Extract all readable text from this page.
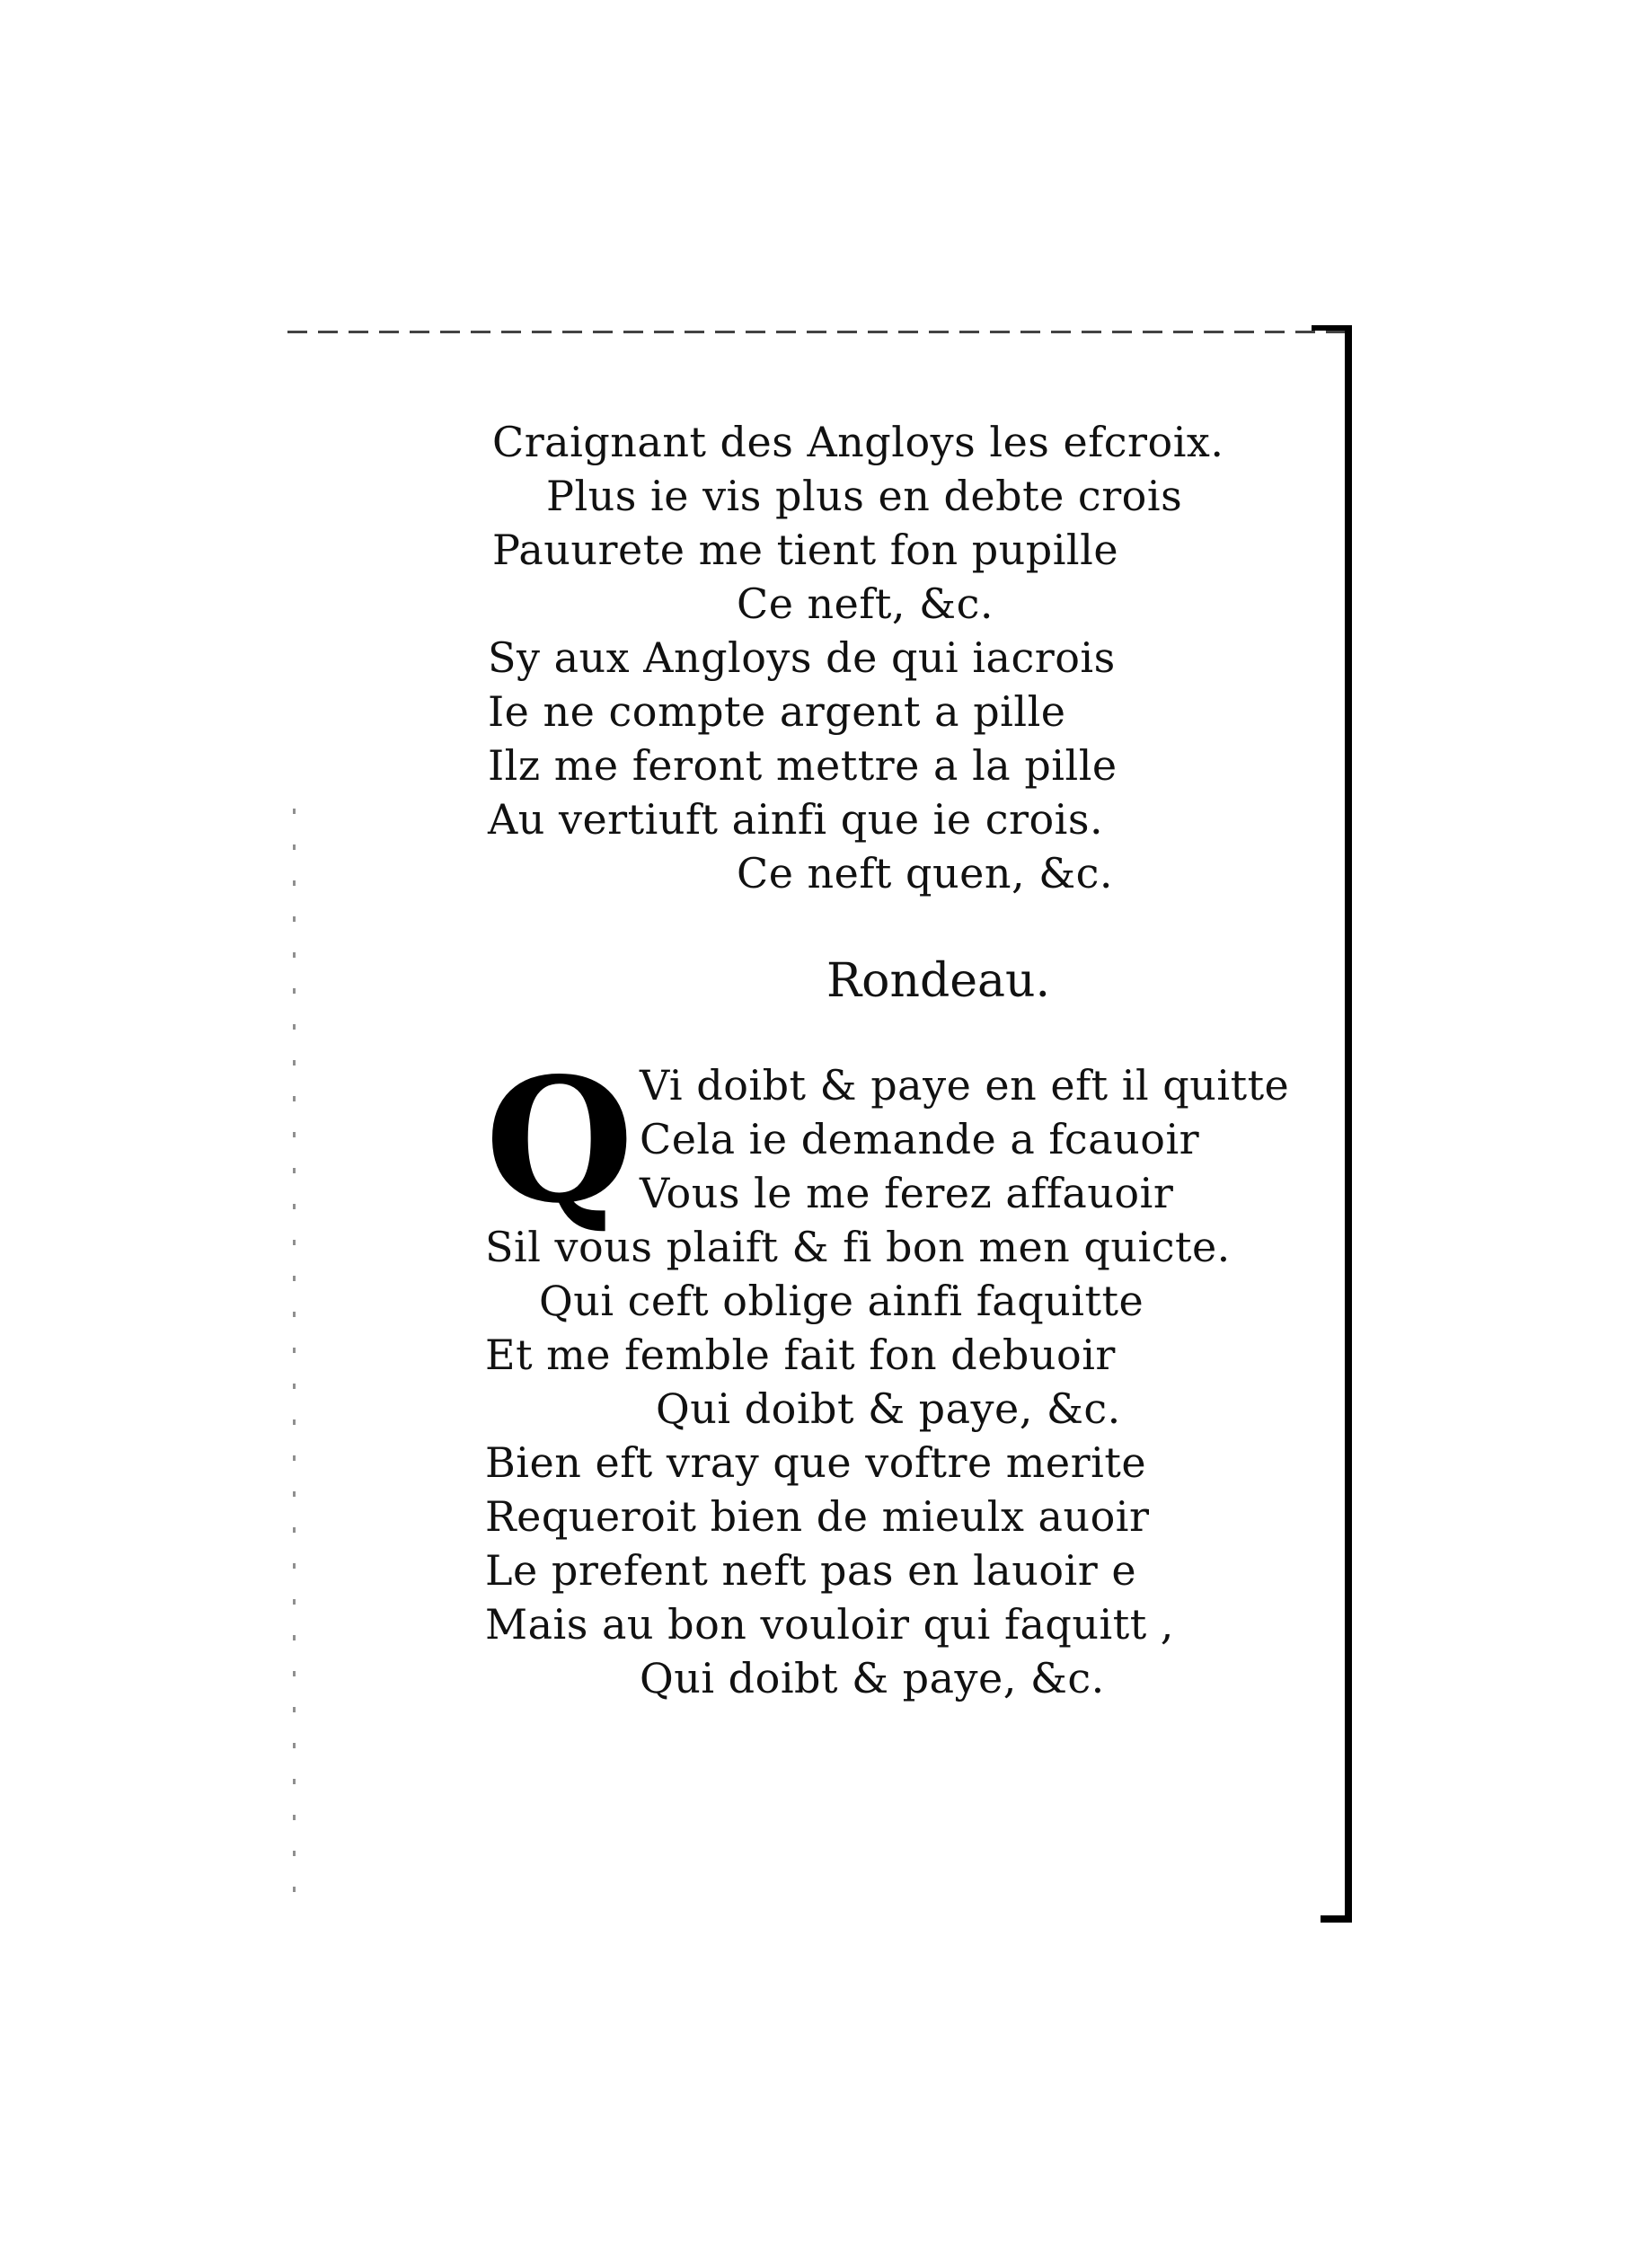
Craignant des Angloys les efcroix.
Plus ie vis plus en debte crois
Pauurete me tient fon pupille
Ce neft, &c.
Sy aux Angloys de qui iacrois
Ie ne compte argent a pille
Ilz me feront mettre a la pille
Au vertiuft ainfi que ie crois.
Ce neft quen, &c.
Rondeau.
Q Vi doibt & paye en eft il quitte
Cela ie demande a fcauoir
Vous le me ferez affauoir
Sil vous plaift & fi bon men quicte.
Qui ceft oblige ainfi faquitte
Et me femble fait fon debuoir
Qui doibt & paye, &c.
Bien eft vray que voftre merite
Requeroit bien de mieulx auoir
Le prefent neft pas en lauoir e
Mais au bon vouloir qui faquitt ,
Qui doibt & paye, &c.
